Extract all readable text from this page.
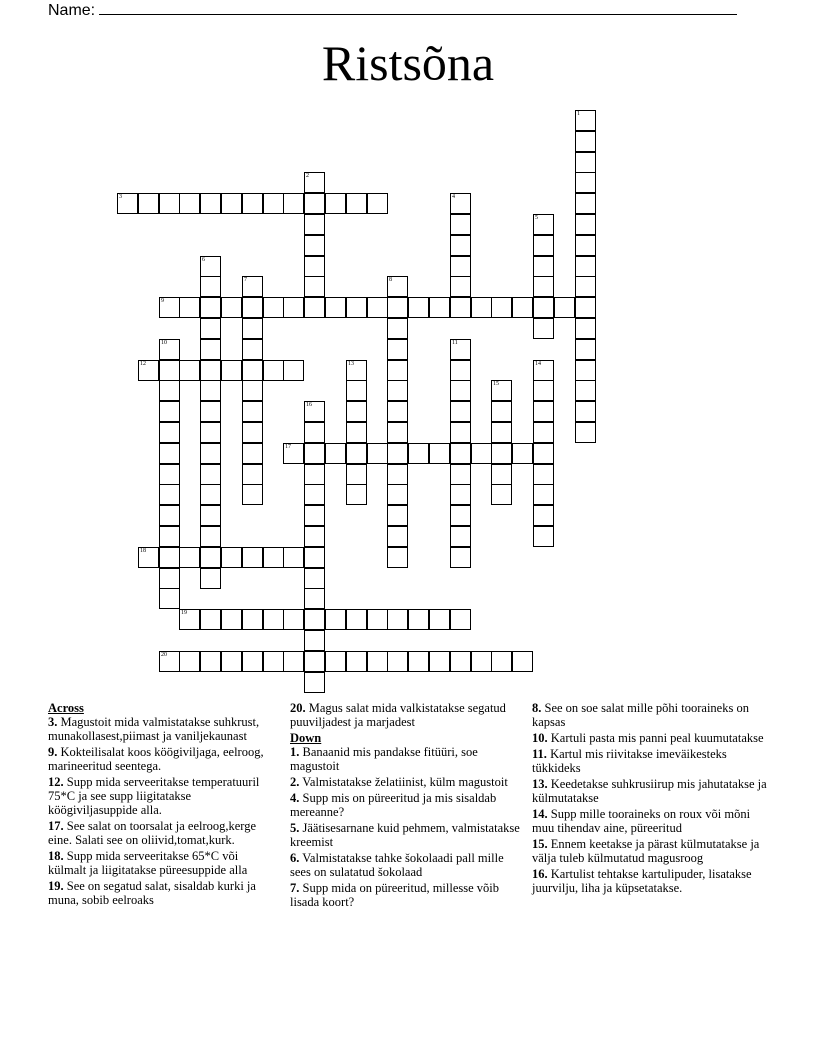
Name:
Ristsõna
1
2
3	4
5
6
7	8
9
10	11
12	13	14
15
16
17
18
19
20
Across
3. Magustoit mida valmistatakse suhkrust, munakollasest,piimast ja vaniljekaunast
9. Kokteilisalat koos köögiviljaga, eelroog, marineeritud seentega.
12. Supp mida serveeritakse temperatuuril 75*C ja see supp liigitatakse köögiviljasuppide alla.
17. See salat on toorsalat ja eelroog,kerge eine. Salati see on oliivid,tomat,kurk.
18. Supp mida serveeritakse 65*C või külmalt ja liigitatakse püreesuppide alla
19. See on segatud salat, sisaldab kurki ja muna, sobib eelroaks
20. Magus salat mida valkistatakse segatud puuviljadest ja marjadest
Down
1. Banaanid mis pandakse fitüüri, soe magustoit
2. Valmistatakse želatiinist, külm magustoit
4. Supp mis on püreeritud ja mis sisaldab mereanne?
5. Jäätisesarnane kuid pehmem, valmistatakse kreemist
6. Valmistatakse tahke šokolaadi pall mille sees on sulatatud šokolaad
7. Supp mida on püreeritud, millesse võib lisada koort?
8. See on soe salat mille põhi tooraineks on kapsas
10. Kartuli pasta mis panni peal kuumutatakse
11. Kartul mis riivitakse imeväikesteks tükkideks
13. Keedetakse suhkrusiirup mis jahutatakse ja külmutatakse
14. Supp mille tooraineks on roux või mõni muu tihendav aine, püreeritud
15. Ennem keetakse ja pärast külmutatakse ja välja tuleb külmutatud magusroog
16. Kartulist tehtakse kartulipuder, lisatakse juurvilju, liha ja küpsetatakse.
